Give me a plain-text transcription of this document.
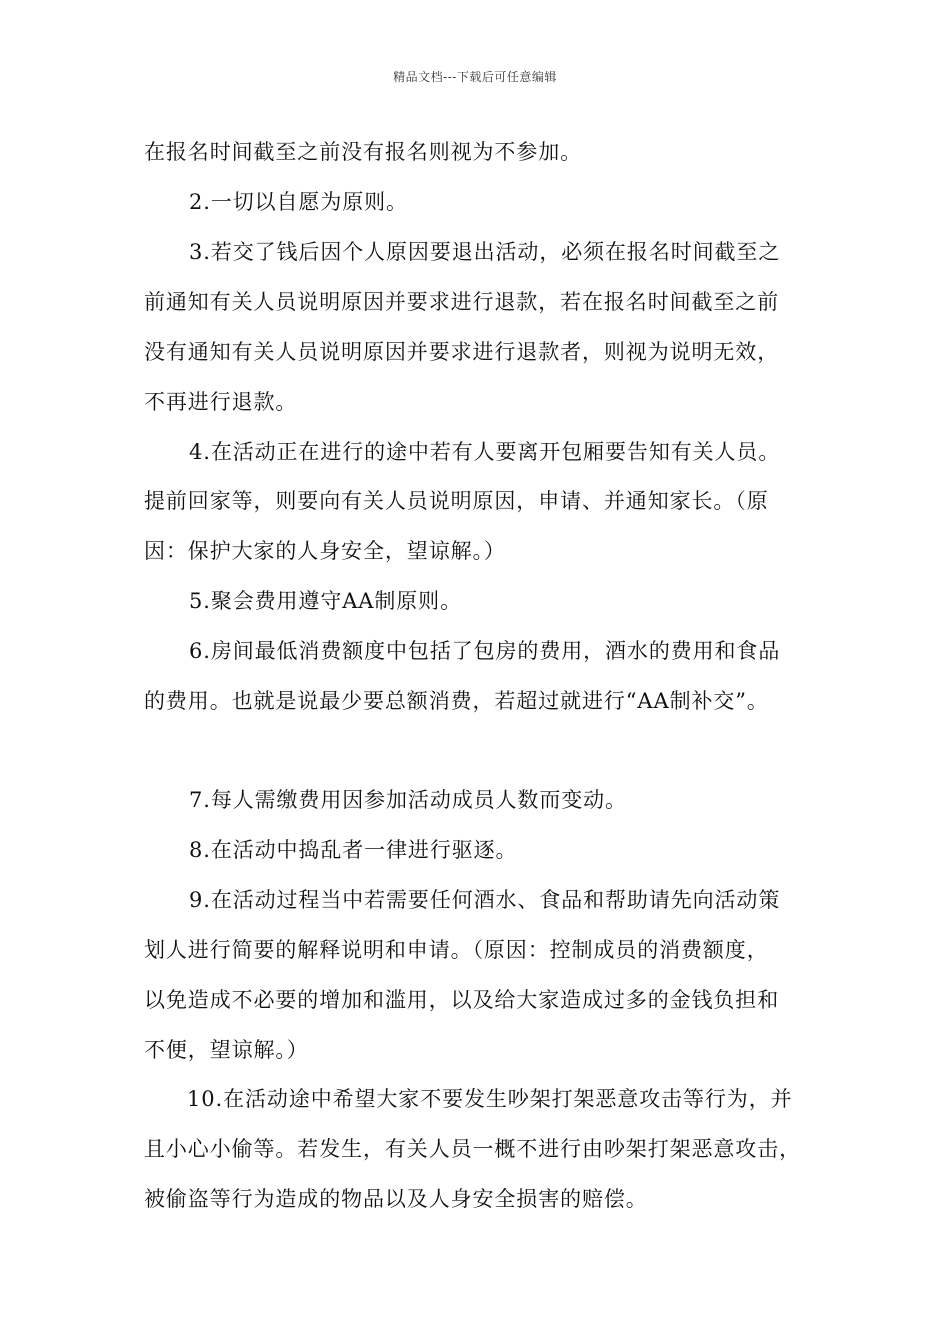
精品文档---下载后可任意编辑
在报名时间截至之前没有报名则视为不参加。
2.一切以自愿为原则。
3.若交了钱后因个人原因要退出活动，必须在报名时间截至之
前通知有关人员说明原因并要求进行退款，若在报名时间截至之前
没有通知有关人员说明原因并要求进行退款者，则视为说明无效，
不再进行退款。
4.在活动正在进行的途中若有人要离开包厢要告知有关人员。
提前回家等，则要向有关人员说明原因，申请、并通知家长。（原
因：保护大家的人身安全，望谅解。）
5.聚会费用遵守AA制原则。
6.房间最低消费额度中包括了包房的费用，酒水的费用和食品
的费用。也就是说最少要总额消费，若超过就进行“AA制补交”。
7.每人需缴费用因参加活动成员人数而变动。
8.在活动中捣乱者一律进行驱逐。
9.在活动过程当中若需要任何酒水、食品和帮助请先向活动策
划人进行简要的解释说明和申请。（原因：控制成员的消费额度，
以免造成不必要的增加和滥用，以及给大家造成过多的金钱负担和
不便，望谅解。）
10.在活动途中希望大家不要发生吵架打架恶意攻击等行为，并
且小心小偷等。若发生，有关人员一概不进行由吵架打架恶意攻击，
被偷盗等行为造成的物品以及人身安全损害的赔偿。
